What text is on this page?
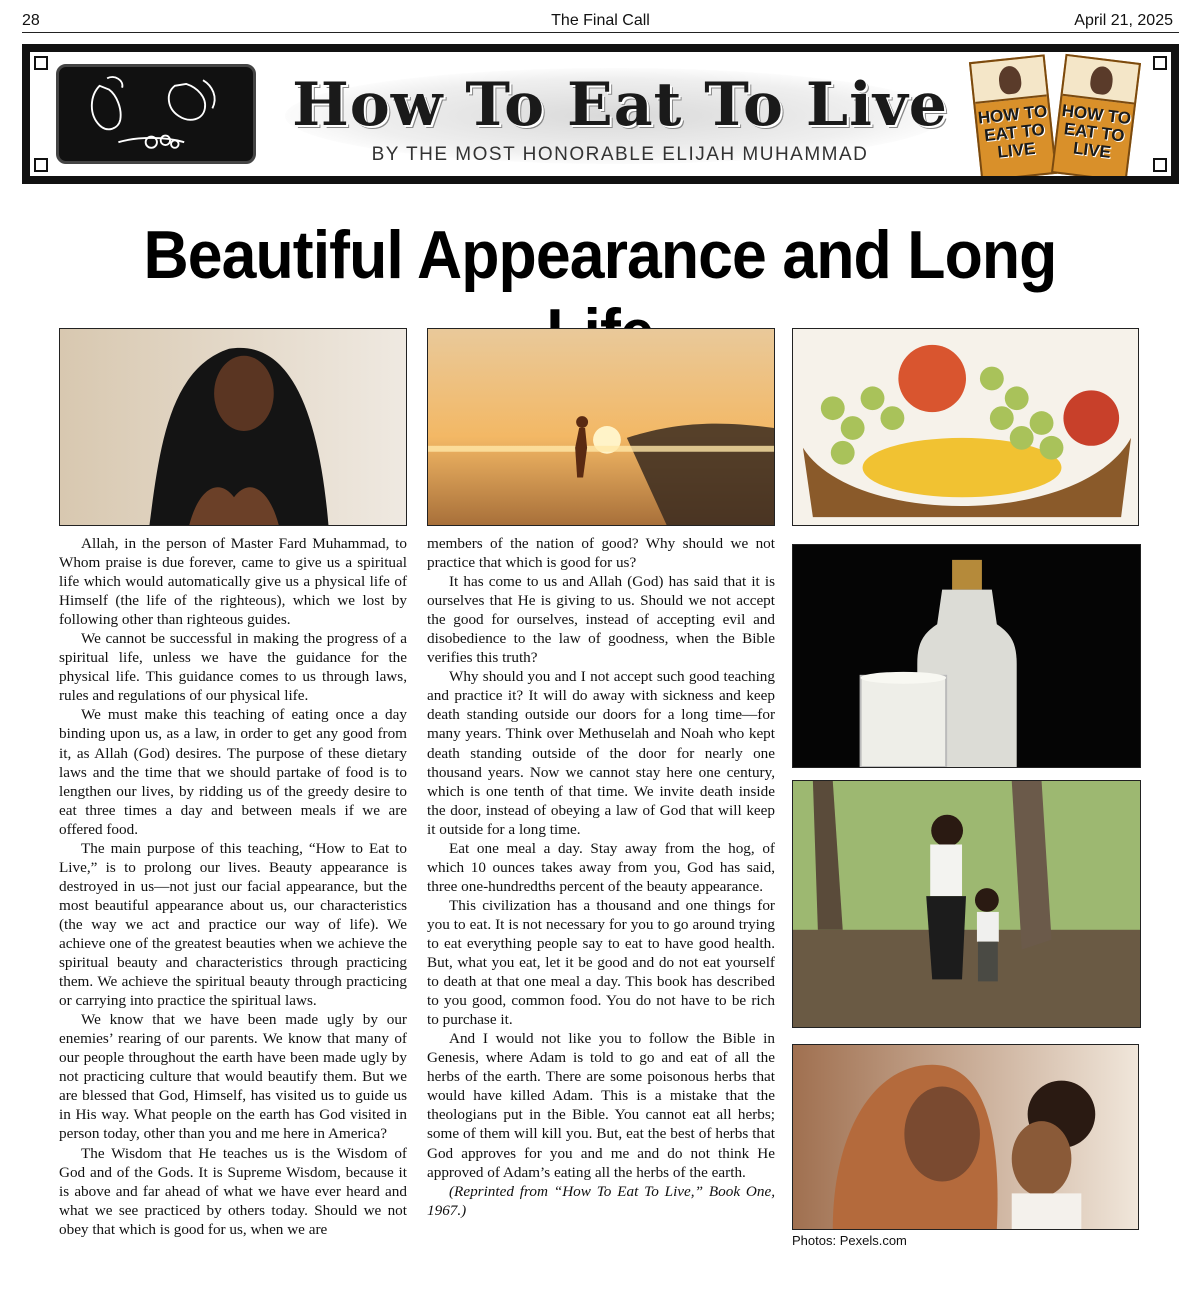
28	The Final Call	April 21, 2025
How To Eat To Live
BY THE MOST HONORABLE ELIJAH MUHAMMAD
HOW TO EAT TO LIVE
HOW TO EAT TO LIVE
Beautiful Appearance and Long

Allah, in the person of Master Fard Muhammad, to Whom praise is due forever, came to give us a spiritual life which would automatically give us a physical life of Himself (the life of the righteous), which we lost by following other than righteous guides.

We cannot be successful in making the progress of a spiritual life, unless we have the guidance for the physical life. This guidance comes to us through laws, rules and regulations of our physical life.

We must make this teaching of eating once a day binding upon us, as a law, in order to get any good from it, as Allah (God) desires. The purpose of these dietary laws and the time that we should partake of food is to lengthen our lives, by ridding us of the greedy desire to eat three times a day and between meals if we are offered food.

The main purpose of this teaching, “How to Eat to Live,” is to prolong our lives. Beauty appearance is destroyed in us—not just our facial appearance, but the most beautiful appearance about us, our characteristics (the way we act and practice our way of life). We achieve one of the greatest beauties when we achieve the spiritual beauty and characteristics through practicing them. We achieve the spiritual beauty through practicing or carrying into practice the spiritual laws.

We know that we have been made ugly by our enemies’ rearing of our parents. We know that many of our people throughout the earth have been made ugly by not practicing culture that would beautify them. But we are blessed that God, Himself, has visited us to guide us in His way. What people on the earth has God visited in person today, other than you and me here in America?

The Wisdom that He teaches us is the Wisdom of God and of the Gods. It is Supreme Wisdom, because it is above and far ahead of what we have ever heard and what we see practiced by others today. Should we not obey that which is good for us, when we are

members of the nation of good? Why should we not practice that which is good for us?

It has come to us and Allah (God) has said that it is ourselves that He is giving to us. Should we not accept the good for ourselves, instead of accepting evil and disobedience to the law of goodness, when the Bible verifies this truth?

Why should you and I not accept such good teaching and practice it? It will do away with sickness and keep death standing outside our doors for a long time—for many years. Think over Methuselah and Noah who kept death standing outside of the door for nearly one thousand years. Now we cannot stay here one century, which is one tenth of that time. We invite death inside the door, instead of obeying a law of God that will keep it outside for a long time.

Eat one meal a day. Stay away from the hog, of which 10 ounces takes away from you, God has said, three one-hundredths percent of the beauty appearance.

This civilization has a thousand and one things for you to eat. It is not necessary for you to go around trying to eat everything people say to eat to have good health. But, what you eat, let it be good and do not eat yourself to death at that one meal a day. This book has described to you good, common food. You do not have to be rich to purchase it.

And I would not like you to follow the Bible in Genesis, where Adam is told to go and eat of all the herbs of the earth. There are some poisonous herbs that would have killed Adam. This is a mistake that the theologians put in the Bible. You cannot eat all herbs; some of them will kill you. But, eat the best of herbs that God approves for you and me and do not think He approved of Adam’s eating all the herbs of the earth.

(Reprinted from “How To Eat To Live,” Book One, 1967.)

Photos: Pexels.com
